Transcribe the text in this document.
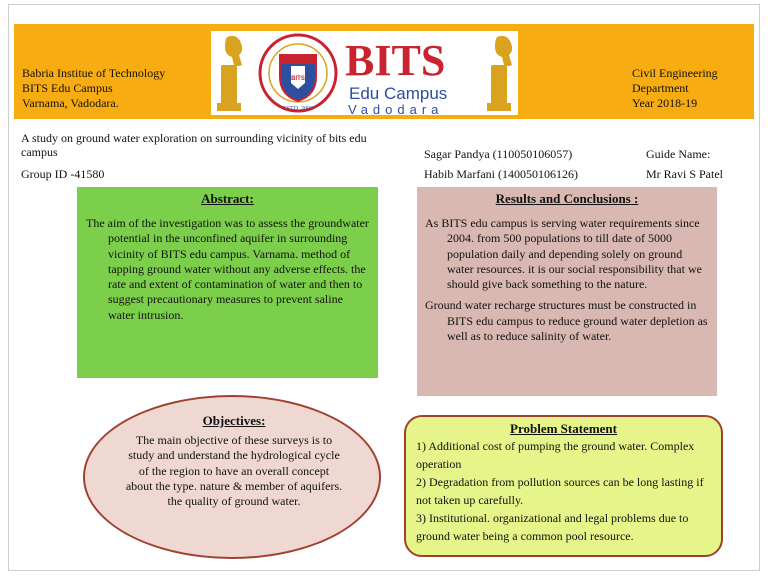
Babria Institue of Technology
BITS Edu Campus
Varnama, Vadodara.
BITS
ESTD. 2003
BITS
Edu Campus
Vadodara
Civil Engineering
Department
Year 2018-19
A study on ground water exploration on surrounding vicinity of bits edu campus
Group ID -41580
Sagar Pandya (110050106057)
Habib Marfani (140050106126)
Guide Name:
Mr Ravi S Patel
Abstract:

The aim of the investigation was to assess the groundwater potential in the unconfined aquifer in surrounding vicinity of BITS edu campus. Varnama. method of tapping ground water without any adverse effects. the rate and extent of contamination of water and then to suggest precautionary measures to prevent saline water intrusion.

Results and Conclusions :

As BITS edu campus is serving water requirements since 2004. from 500 populations to till date of 5000 population daily and depending solely on ground water resources. it is our social responsibility that we should give back something to the nature.

Ground water recharge structures must be constructed in BITS edu campus to reduce ground water depletion as well as to reduce salinity of water.

Objectives:
The main objective of these surveys is to study and understand the hydrological cycle of the region to have an overall concept about the type. nature & member of aquifers. the quality of ground water.
Problem Statement

1) Additional cost of pumping the ground water. Complex operation

2) Degradation from pollution sources can be long lasting if not taken up carefully.

3) Institutional. organizational and legal problems due to ground water being a common pool resource.
